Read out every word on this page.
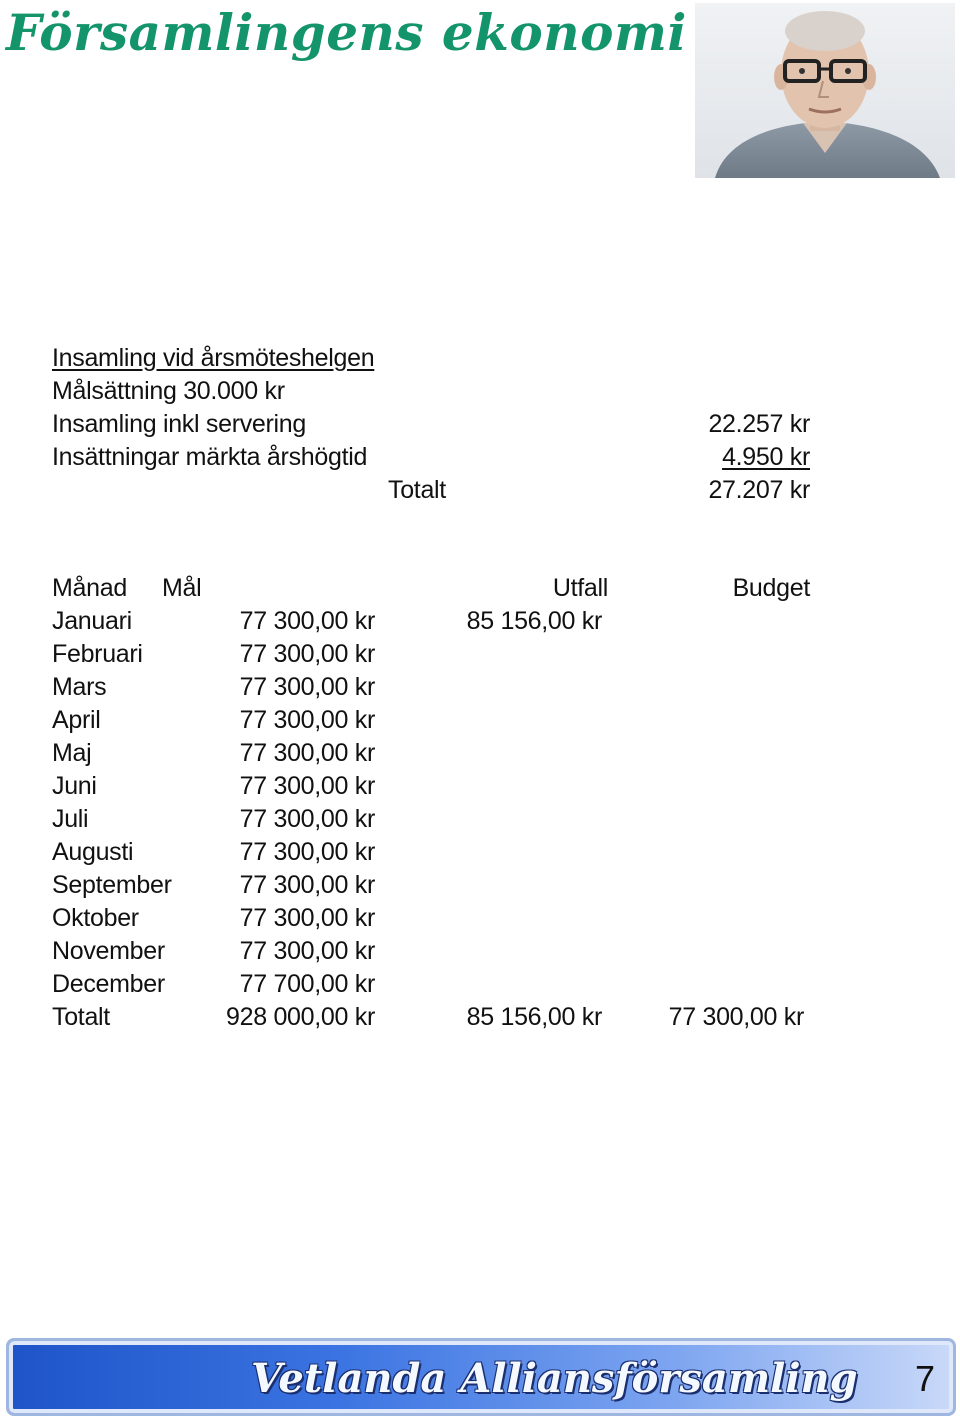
Församlingens ekonomi
Insamling vid årsmöteshelgen
Målsättning 30.000 kr
Insamling inkl servering	22.257 kr
Insättningar märkta årshögtid	4.950 kr
Totalt	27.207 kr
Månad Mål	Utfall	Budget
Januari	77 300,00 kr	85 156,00 kr
Februari	77 300,00 kr
Mars	77 300,00 kr
April	77 300,00 kr
Maj	77 300,00 kr
Juni	77 300,00 kr
Juli	77 300,00 kr
Augusti	77 300,00 kr
September	77 300,00 kr
Oktober	77 300,00 kr
November	77 300,00 kr
December	77 700,00 kr
Totalt	928 000,00 kr	85 156,00 kr	77 300,00 kr
Vetlanda Alliansförsamling 7
